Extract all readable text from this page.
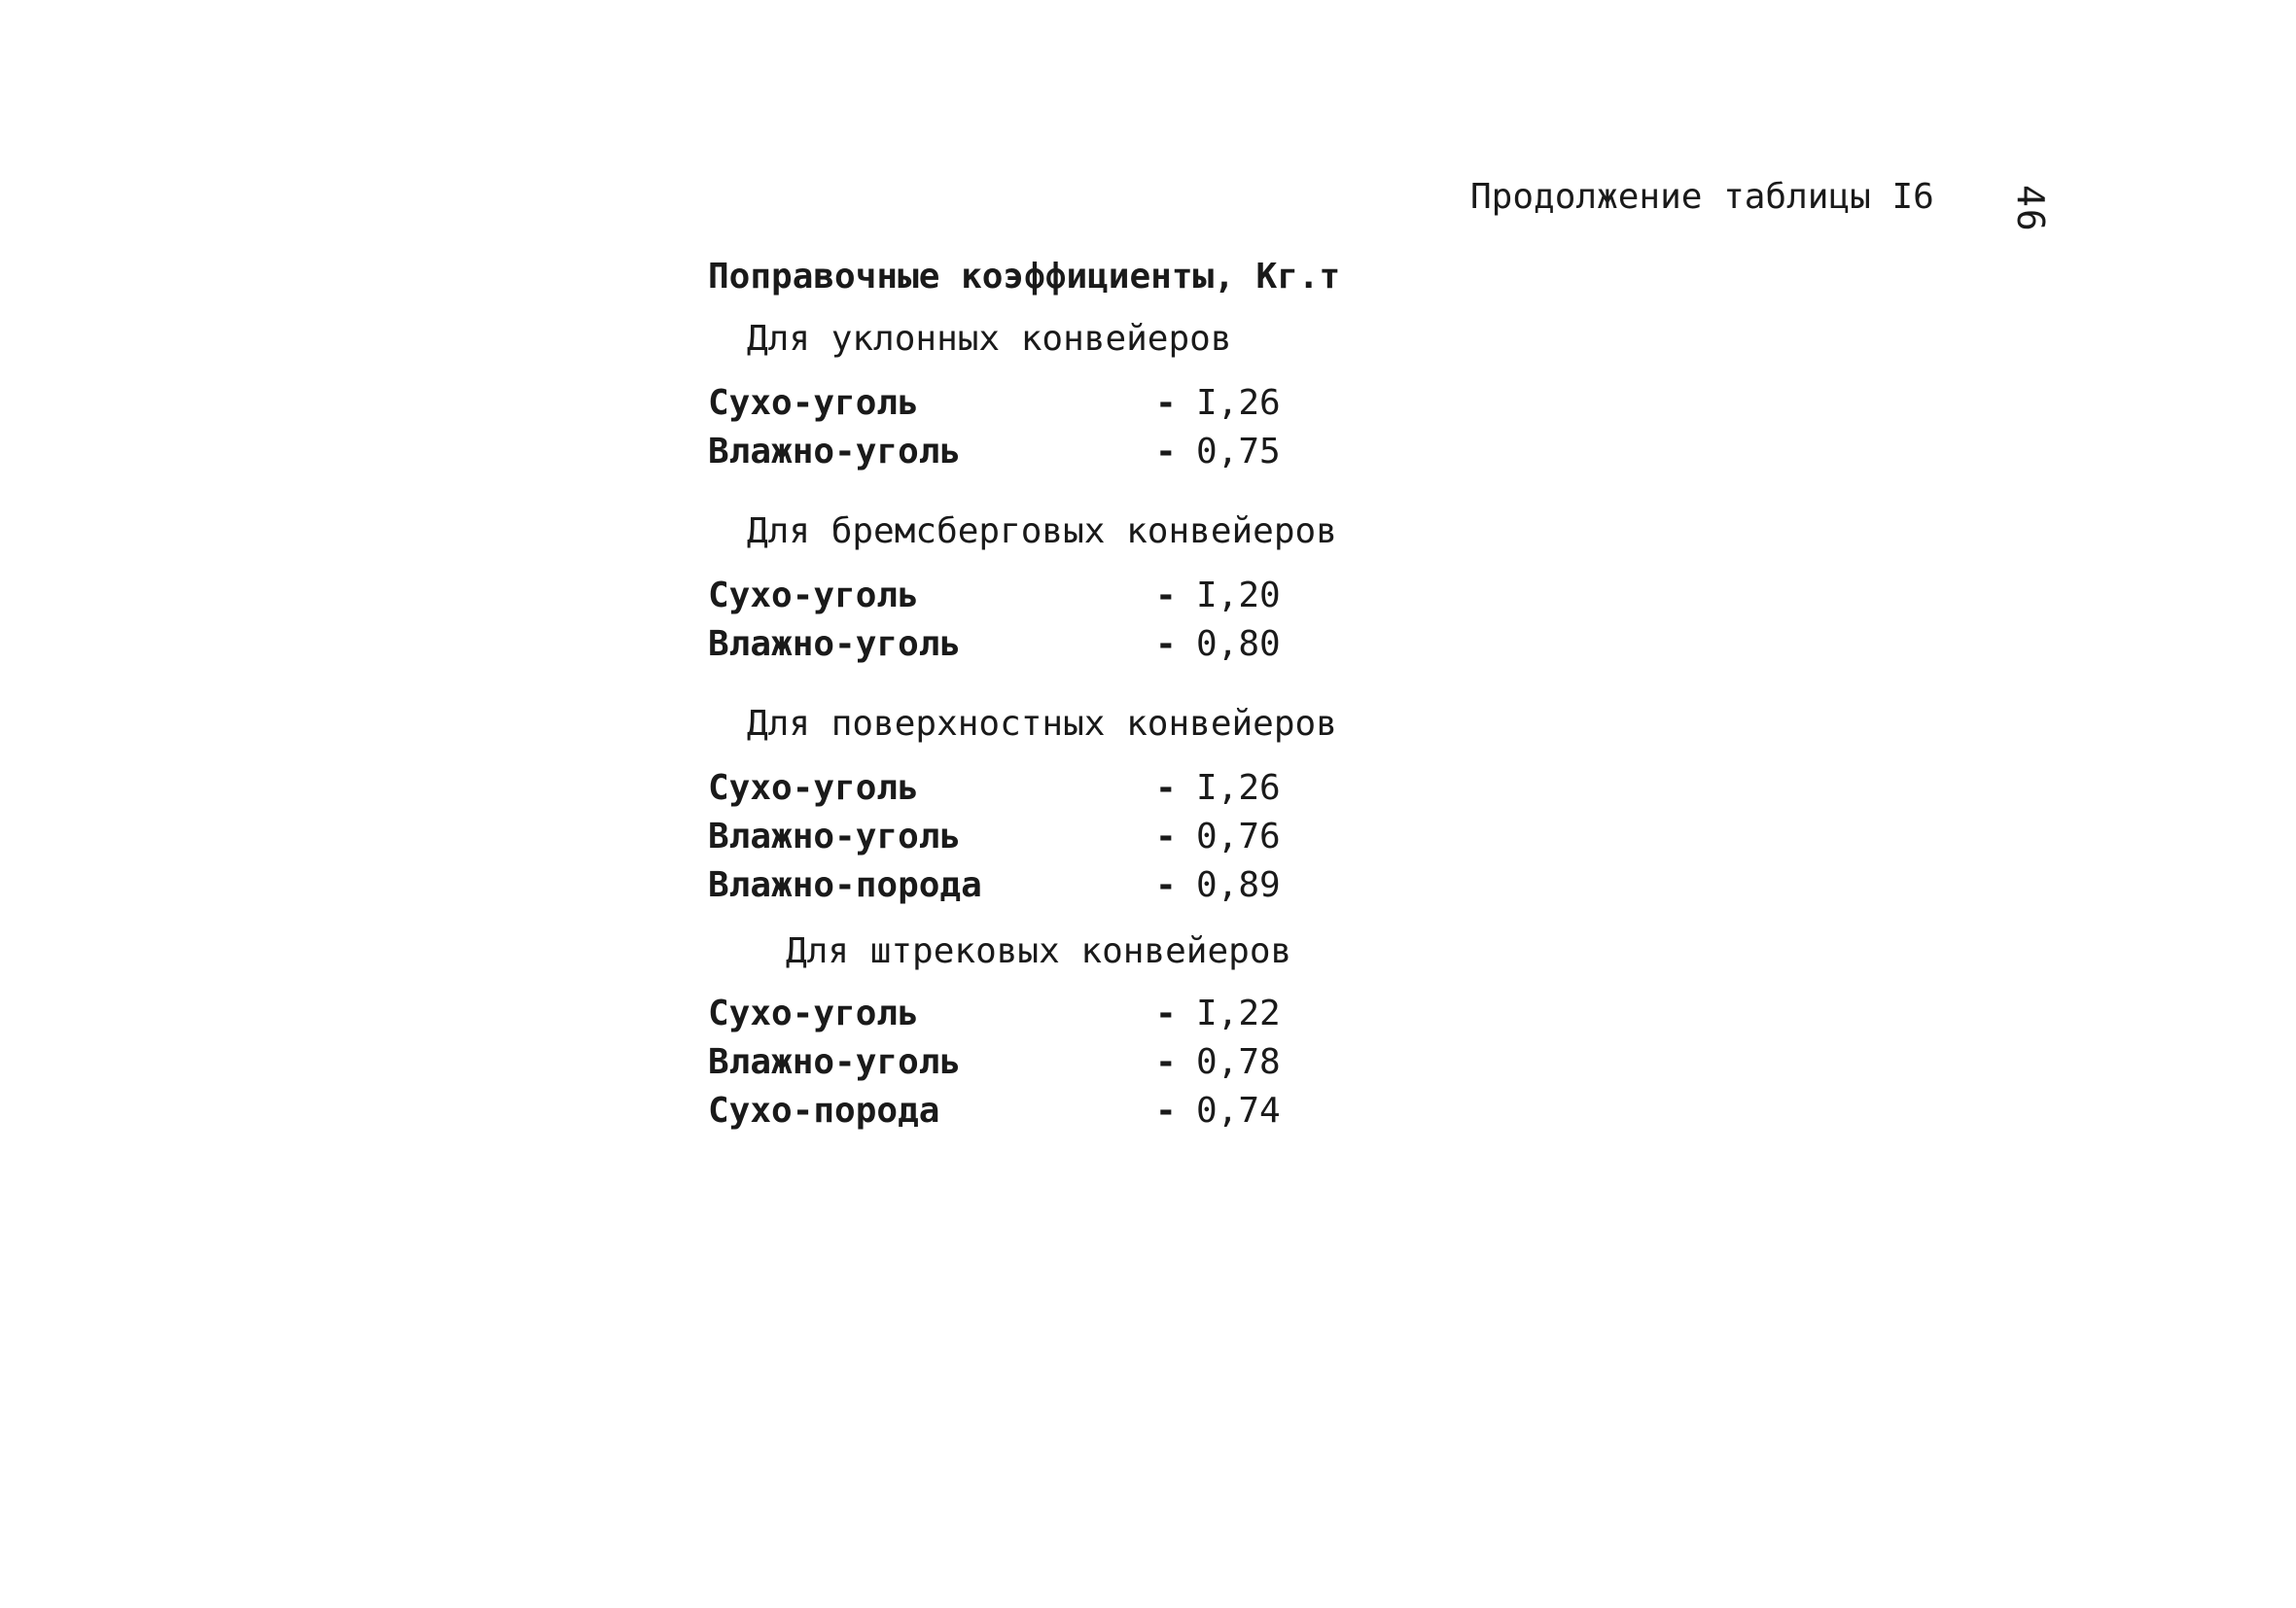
46
Продолжение таблицы I6
Поправочные коэффициенты, Кг.т
Для уклонных конвейеров
Сухо-уголь	- I,26
Влажно-уголь	- 0,75
Для бремсберговых конвейеров
Сухо-уголь	- I,20
Влажно-уголь	- 0,80
Для поверхностных конвейеров
Сухо-уголь	- I,26
Влажно-уголь	- 0,76
Влажно-порода	- 0,89
Для штрековых конвейеров
Сухо-уголь	- I,22
Влажно-уголь	- 0,78
Сухо-порода	- 0,74
